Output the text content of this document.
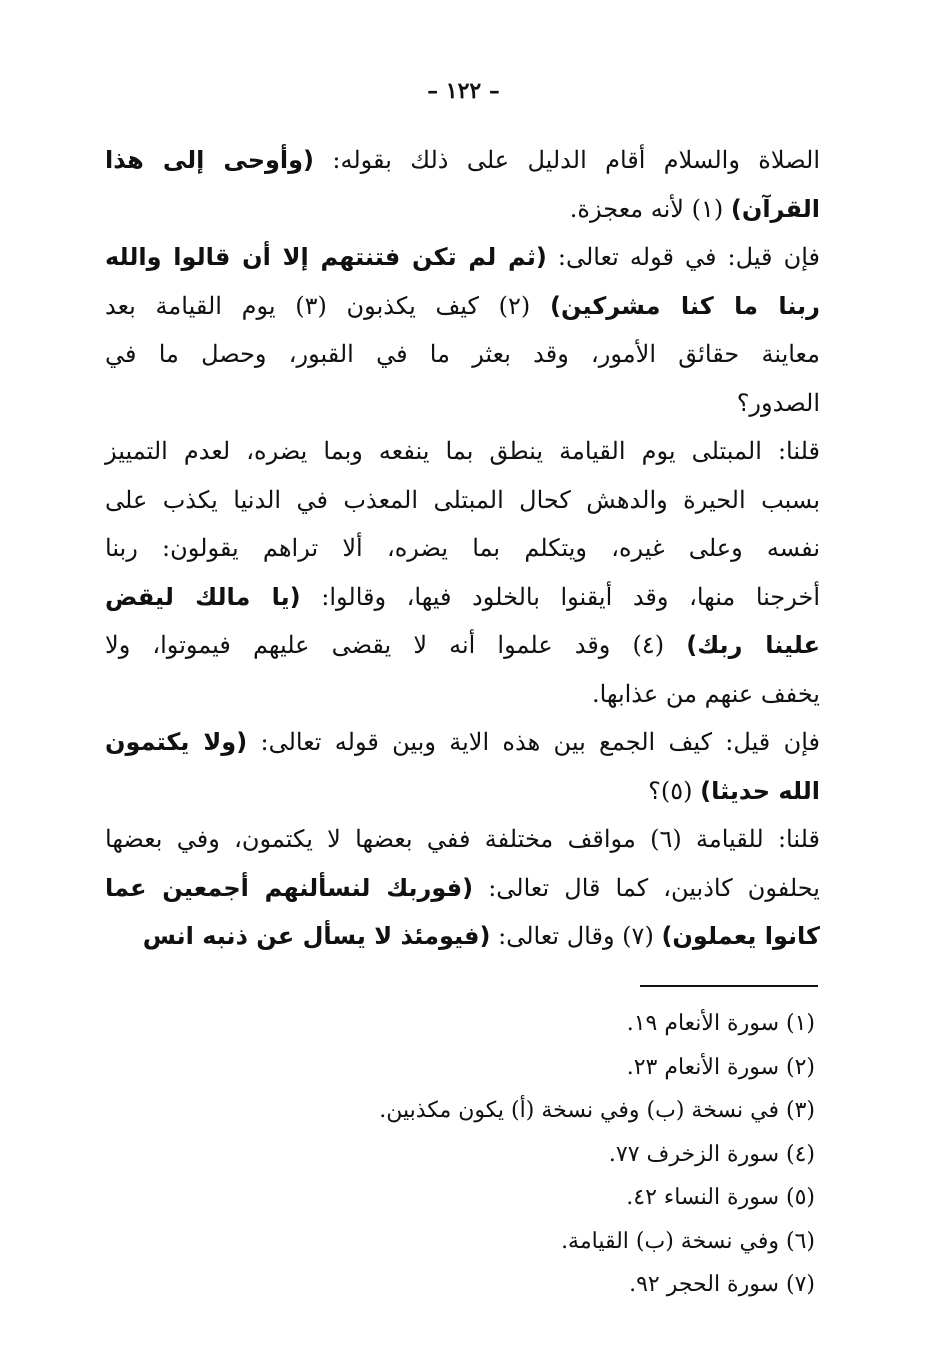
– ١٢٢ –
الصلاة والسلام أقام الدليل على ذلك بقوله: (وأوحى إلى هذا
القرآن) (١) لأنه معجزة.
فإن قيل: في قوله تعالى: (ثم لم تكن فتنتهم إلا أن قالوا والله
ربنا ما كنا مشركين) (٢) كيف يكذبون (٣) يوم القيامة بعد
معاينة حقائق الأمور، وقد بعثر ما في القبور، وحصل ما في
الصدور؟
قلنا: المبتلى يوم القيامة ينطق بما ينفعه وبما يضره، لعدم التمييز
بسبب الحيرة والدهش كحال المبتلى المعذب في الدنيا يكذب على
نفسه وعلى غيره، ويتكلم بما يضره، ألا تراهم يقولون: ربنا
أخرجنا منها، وقد أيقنوا بالخلود فيها، وقالوا: (يا مالك ليقض
علينا ربك) (٤) وقد علموا أنه لا يقضى عليهم فيموتوا، ولا
يخفف عنهم من عذابها.
فإن قيل: كيف الجمع بين هذه الاية وبين قوله تعالى: (ولا يكتمون
الله حديثا) (٥)؟
قلنا: للقيامة (٦) مواقف مختلفة ففي بعضها لا يكتمون، وفي بعضها
يحلفون كاذبين، كما قال تعالى: (فوربك لنسألنهم أجمعين عما
كانوا يعملون) (٧) وقال تعالى: (فيومئذ لا يسأل عن ذنبه انس
(١) سورة الأنعام ١٩.
(٢) سورة الأنعام ٢٣.
(٣) في نسخة (ب) وفي نسخة (أ) يكون مكذبين.
(٤) سورة الزخرف ٧٧.
(٥) سورة النساء ٤٢.
(٦) وفي نسخة (ب) القيامة.
(٧) سورة الحجر ٩٢.
